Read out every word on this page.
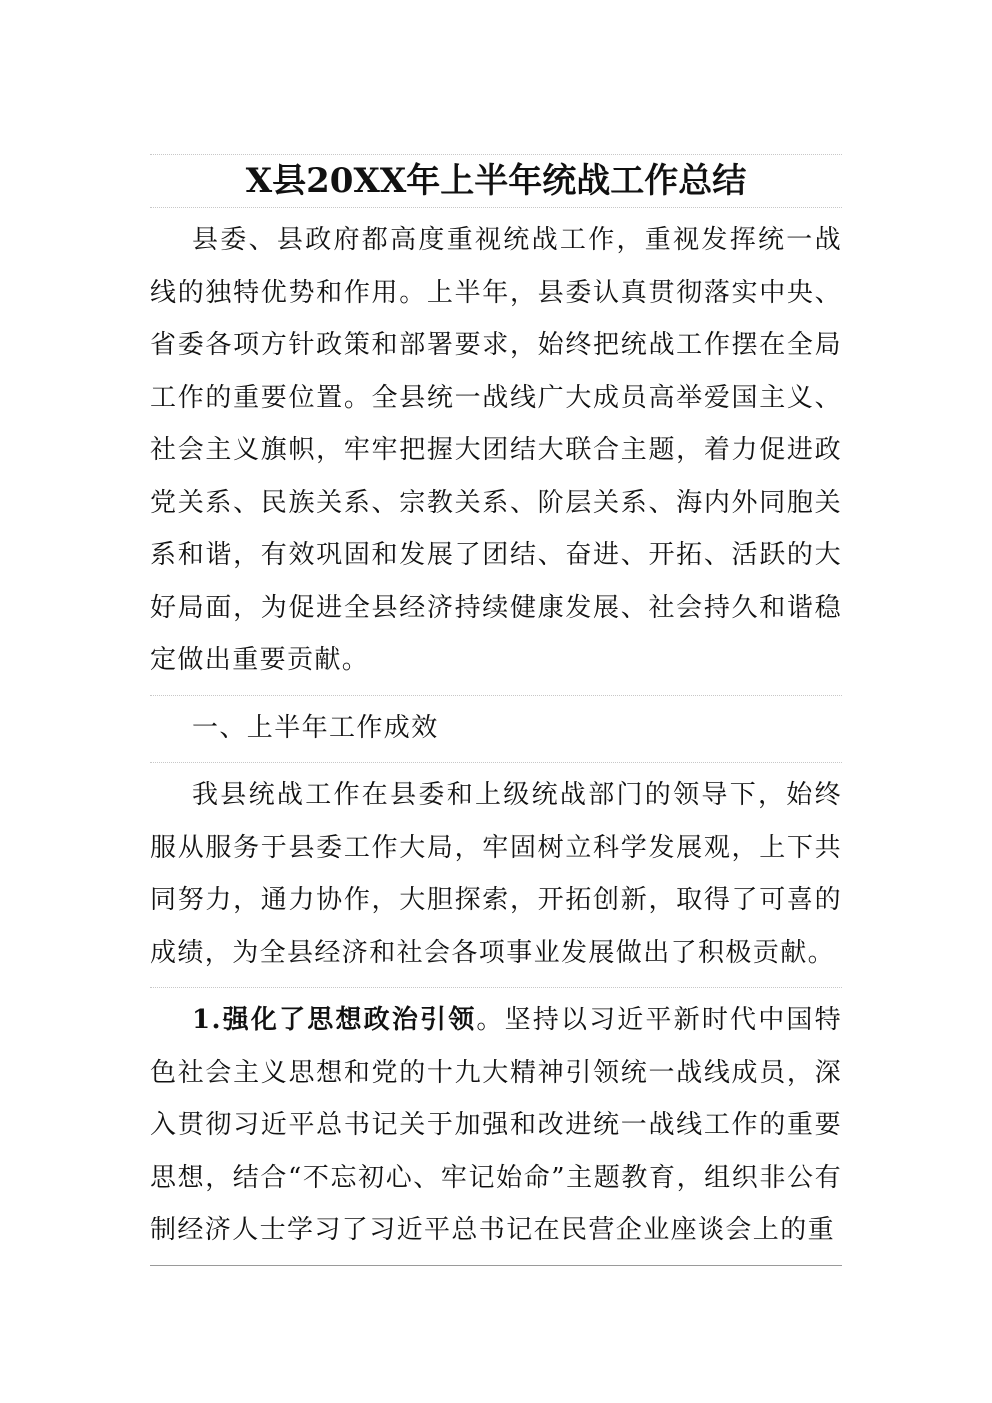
X县20XX年上半年统战工作总结

县委、县政府都高度重视统战工作，重视发挥统一战线的独特优势和作用。上半年，县委认真贯彻落实中央、省委各项方针政策和部署要求，始终把统战工作摆在全局工作的重要位置。全县统一战线广大成员高举爱国主义、社会主义旗帜，牢牢把握大团结大联合主题，着力促进政党关系、民族关系、宗教关系、阶层关系、海内外同胞关系和谐，有效巩固和发展了团结、奋进、开拓、活跃的大好局面，为促进全县经济持续健康发展、社会持久和谐稳定做出重要贡献。

一、上半年工作成效

我县统战工作在县委和上级统战部门的领导下，始终服从服务于县委工作大局，牢固树立科学发展观，上下共同努力，通力协作，大胆探索，开拓创新，取得了可喜的成绩，为全县经济和社会各项事业发展做出了积极贡献。

1.强化了思想政治引领。坚持以习近平新时代中国特色社会主义思想和党的十九大精神引领统一战线成员，深入贯彻习近平总书记关于加强和改进统一战线工作的重要思想，结合“不忘初心、牢记始命”主题教育，组织非公有制经济人士学习了习近平总书记在民营企业座谈会上的重
